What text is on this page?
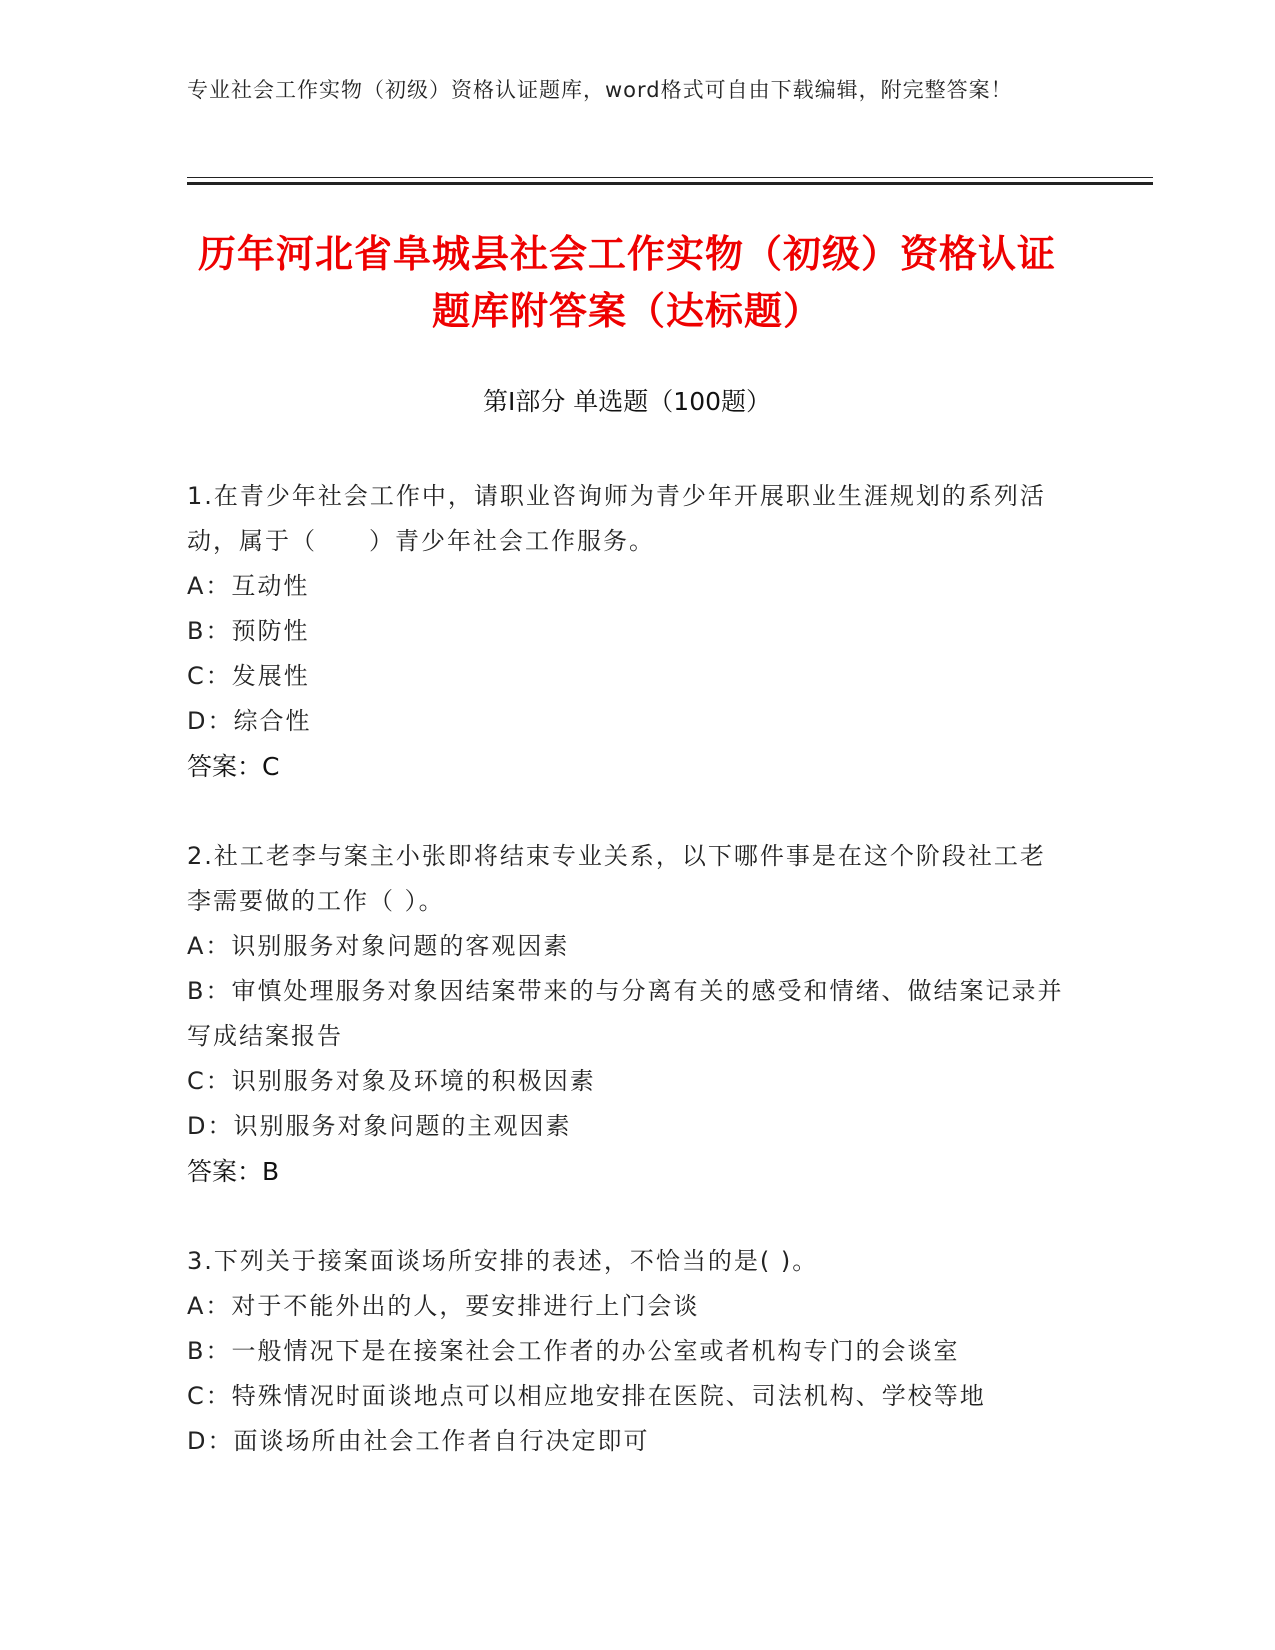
专业社会工作实物（初级）资格认证题库，word格式可自由下载编辑，附完整答案！
历年河北省阜城县社会工作实物（初级）资格认证题库附答案（达标题）
第Ⅰ部分 单选题（100题）
1.在青少年社会工作中，请职业咨询师为青少年开展职业生涯规划的系列活动，属于（　　）青少年社会工作服务。
A：互动性
B：预防性
C：发展性
D：综合性
答案：C
2.社工老李与案主小张即将结束专业关系，以下哪件事是在这个阶段社工老李需要做的工作（ ）。
A：识别服务对象问题的客观因素
B：审慎处理服务对象因结案带来的与分离有关的感受和情绪、做结案记录并写成结案报告
C：识别服务对象及环境的积极因素
D：识别服务对象问题的主观因素
答案：B
3.下列关于接案面谈场所安排的表述，不恰当的是( )。
A：对于不能外出的人，要安排进行上门会谈
B：一般情况下是在接案社会工作者的办公室或者机构专门的会谈室
C：特殊情况时面谈地点可以相应地安排在医院、司法机构、学校等地
D：面谈场所由社会工作者自行决定即可
